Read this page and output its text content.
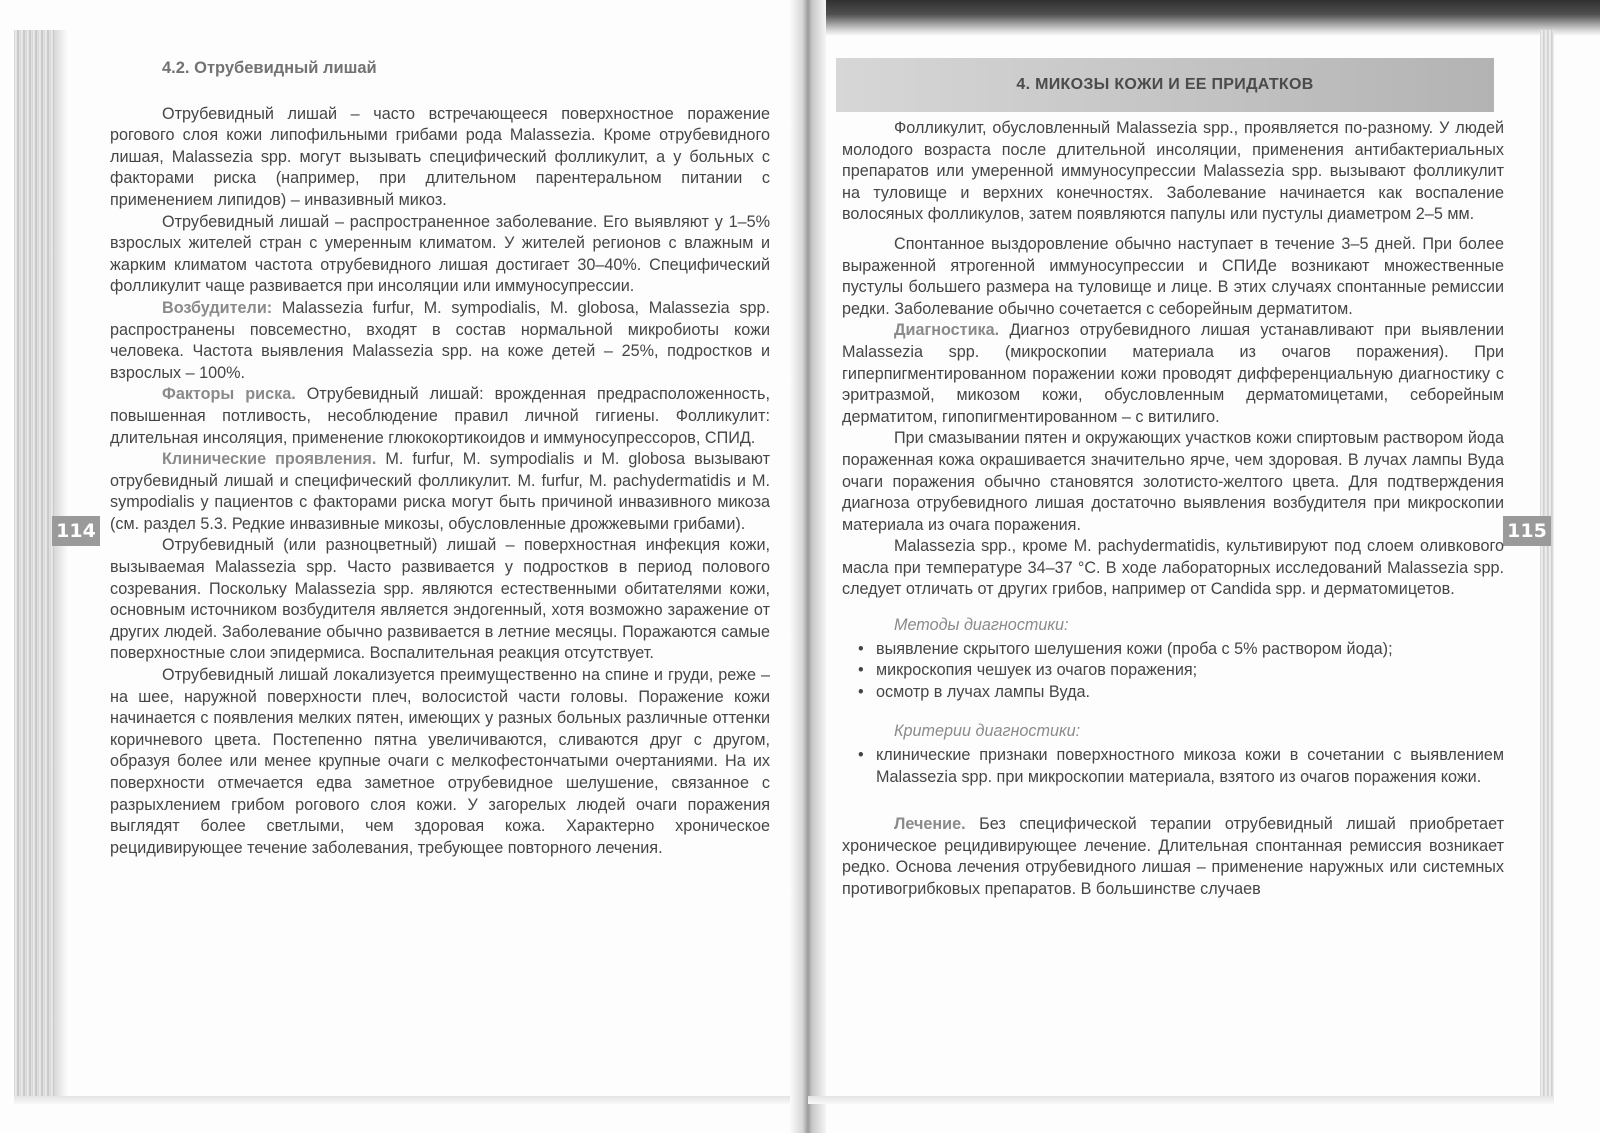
114	115
4.2. Отрубевидный лишай

Отрубевидный лишай – часто встречающееся поверхностное поражение рогового слоя кожи липофильными грибами рода Malassezia. Кроме отрубевидного лишая, Malassezia spp. могут вызывать специфический фолликулит, а у больных с факторами риска (например, при длительном парентеральном питании с применением липидов) – инвазивный микоз.

Отрубевидный лишай – распространенное заболевание. Его выявляют у 1–5% взрослых жителей стран с умеренным климатом. У жителей регионов с влажным и жарким климатом частота отрубевидного лишая достигает 30–40%. Специфический фолликулит чаще развивается при инсоляции или иммуносупрессии.

Возбудители: Malassezia furfur, M. sympodialis, M. globosa, Malassezia spp. распространены повсеместно, входят в состав нормальной микробиоты кожи человека. Частота выявления Malassezia spp. на коже детей – 25%, подростков и взрослых – 100%.

Факторы риска. Отрубевидный лишай: врожденная предрасположенность, повышенная потливость, несоблюдение правил личной гигиены. Фолликулит: длительная инсоляция, применение глюкокортикоидов и иммуносупрессоров, СПИД.

Клинические проявления. M. furfur, M. sympodialis и M. globosa вызывают отрубевидный лишай и специфический фолликулит. M. furfur, M. pachydermatidis и M. sympodialis у пациентов с факторами риска могут быть причиной инвазивного микоза (см. раздел 5.3. Редкие инвазивные микозы, обусловленные дрожжевыми грибами).

Отрубевидный (или разноцветный) лишай – поверхностная инфекция кожи, вызываемая Malassezia spp. Часто развивается у подростков в период полового созревания. Поскольку Malassezia spp. являются естественными обитателями кожи, основным источником возбудителя является эндогенный, хотя возможно заражение от других людей. Заболевание обычно развивается в летние месяцы. Поражаются самые поверхностные слои эпидермиса. Воспалительная реакция отсутствует.

Отрубевидный лишай локализуется преимущественно на спине и груди, реже – на шее, наружной поверхности плеч, волосистой части головы. Поражение кожи начинается с появления мелких пятен, имеющих у разных больных различные оттенки коричневого цвета. Постепенно пятна увеличиваются, сливаются друг с другом, образуя более или менее крупные очаги с мелкофестончатыми очертаниями. На их поверхности отмечается едва заметное отрубевидное шелушение, связанное с разрыхлением грибом рогового слоя кожи. У загорелых людей очаги поражения выглядят более светлыми, чем здоровая кожа. Характерно хроническое рецидивирующее течение заболевания, требующее повторного лечения.

4. МИКОЗЫ КОЖИ И ЕЕ ПРИДАТКОВ

Фолликулит, обусловленный Malassezia spp., проявляется по-разному. У людей молодого возраста после длительной инсоляции, применения антибактериальных препаратов или умеренной иммуносупрессии Malassezia spp. вызывают фолликулит на туловище и верхних конечностях. Заболевание начинается как воспаление волосяных фолликулов, затем появляются папулы или пустулы диаметром 2–5 мм.

Спонтанное выздоровление обычно наступает в течение 3–5 дней. При более выраженной ятрогенной иммуносупрессии и СПИДе возникают множественные пустулы большего размера на туловище и лице. В этих случаях спонтанные ремиссии редки. Заболевание обычно сочетается с себорейным дерматитом.

Диагностика. Диагноз отрубевидного лишая устанавливают при выявлении Malassezia spp. (микроскопии материала из очагов поражения). При гиперпигментированном поражении кожи проводят дифференциальную диагностику с эритразмой, микозом кожи, обусловленным дерматомицетами, себорейным дерматитом, гипопигментированном – с витилиго.

При смазывании пятен и окружающих участков кожи спиртовым раствором йода пораженная кожа окрашивается значительно ярче, чем здоровая. В лучах лампы Вуда очаги поражения обычно становятся золотисто-желтого цвета. Для подтверждения диагноза отрубевидного лишая достаточно выявления возбудителя при микроскопии материала из очага поражения.

Malassezia spp., кроме M. pachydermatidis, культивируют под слоем оливкового масла при температуре 34–37 °С. В ходе лабораторных исследований Malassezia spp. следует отличать от других грибов, например от Candida spp. и дерматомицетов.

Методы диагностики:
• выявление скрытого шелушения кожи (проба с 5% раствором йода);
• микроскопия чешуек из очагов поражения;
• осмотр в лучах лампы Вуда.
Критерии диагностики:
• клинические признаки поверхностного микоза кожи в сочетании с выявлением Malassezia spp. при микроскопии материала, взятого из очагов поражения кожи.

Лечение. Без специфической терапии отрубевидный лишай приобретает хроническое рецидивирующее лечение. Длительная спонтанная ремиссия возникает редко. Основа лечения отрубевидного лишая – применение наружных или системных противогрибковых препаратов. В большинстве случаев
